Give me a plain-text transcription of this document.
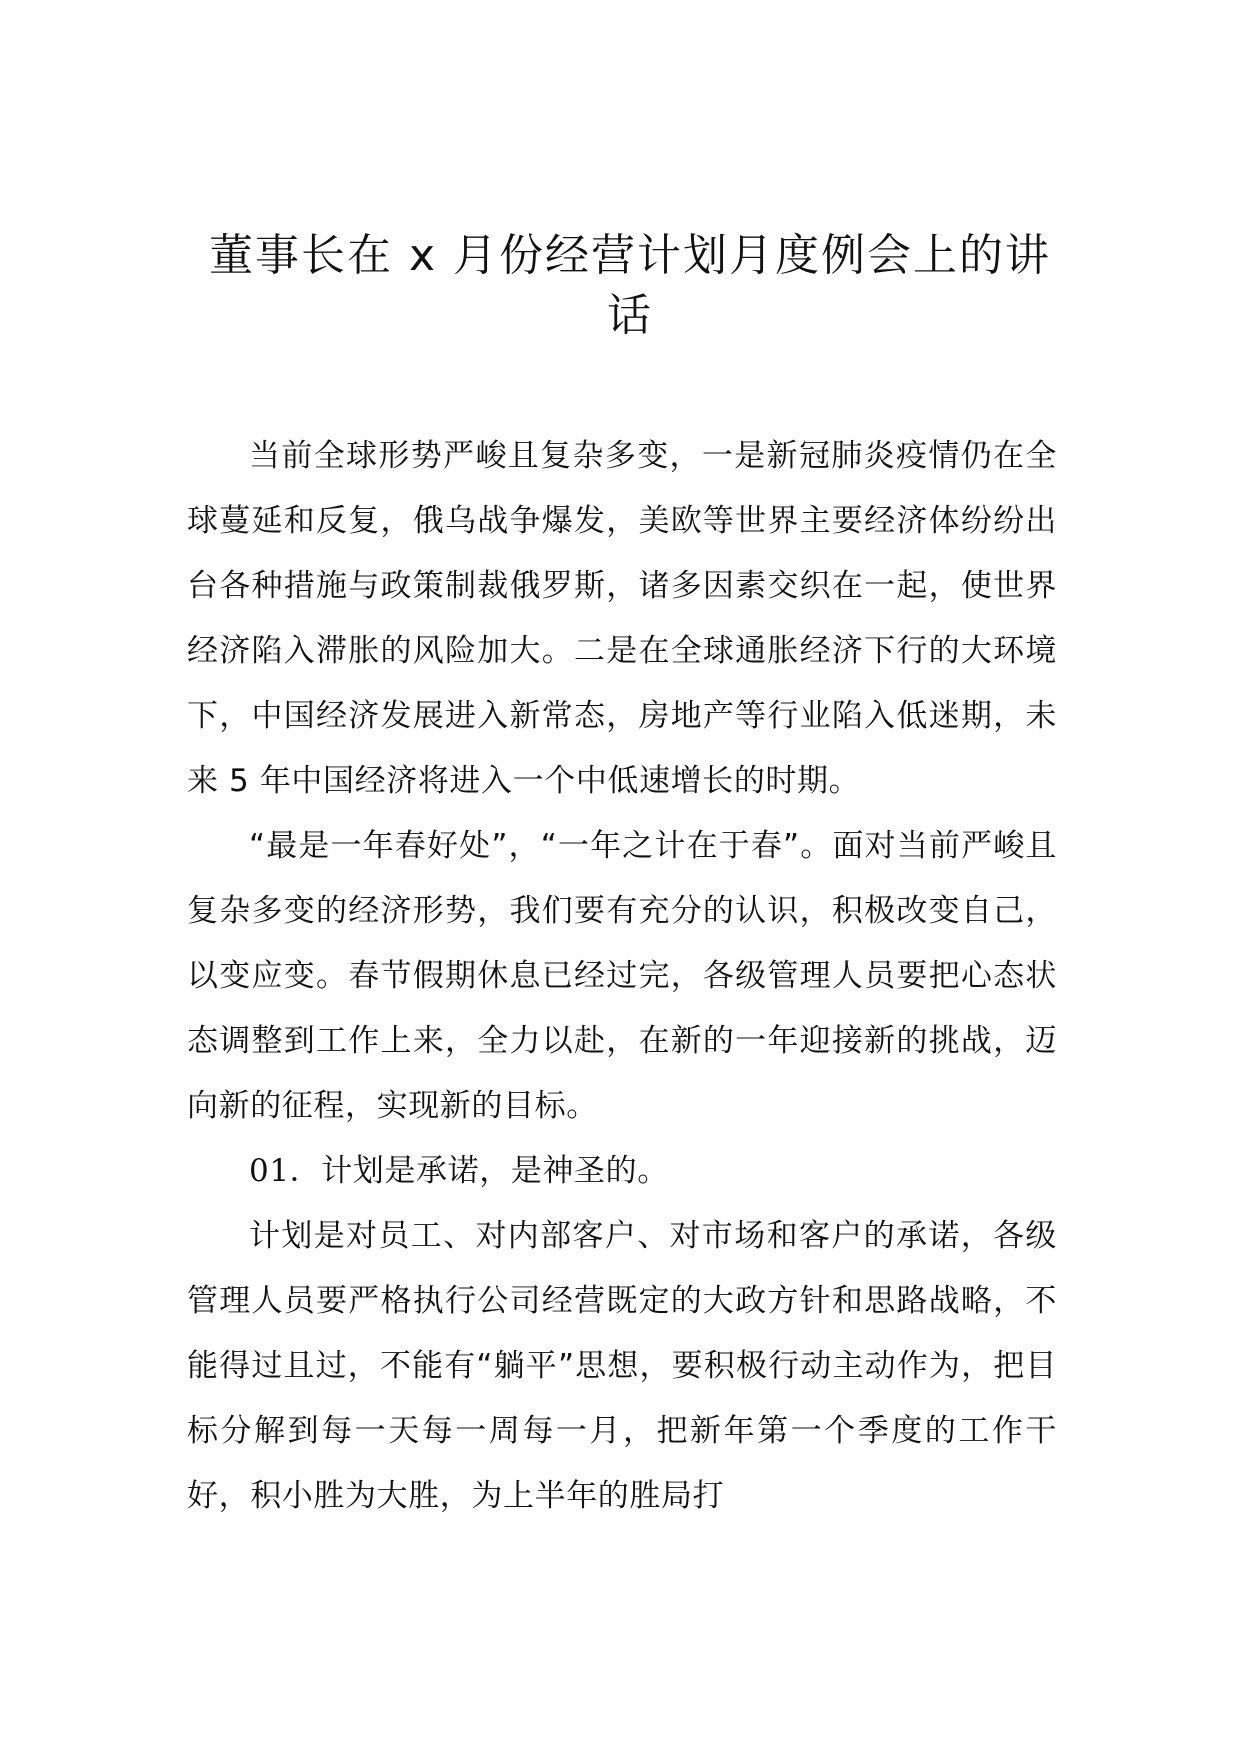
董事长在 x 月份经营计划月度例会上的讲话

当前全球形势严峻且复杂多变，一是新冠肺炎疫情仍在全球蔓延和反复，俄乌战争爆发，美欧等世界主要经济体纷纷出台各种措施与政策制裁俄罗斯，诸多因素交织在一起，使世界经济陷入滞胀的风险加大。二是在全球通胀经济下行的大环境下，中国经济发展进入新常态，房地产等行业陷入低迷期，未来 5 年中国经济将进入一个中低速增长的时期。

“最是一年春好处”，“一年之计在于春”。面对当前严峻且复杂多变的经济形势，我们要有充分的认识，积极改变自己，以变应变。春节假期休息已经过完，各级管理人员要把心态状态调整到工作上来，全力以赴，在新的一年迎接新的挑战，迈向新的征程，实现新的目标。

01．计划是承诺，是神圣的。

计划是对员工、对内部客户、对市场和客户的承诺，各级管理人员要严格执行公司经营既定的大政方针和思路战略，不能得过且过，不能有“躺平”思想，要积极行动主动作为，把目标分解到每一天每一周每一月，把新年第一个季度的工作干好，积小胜为大胜，为上半年的胜局打
